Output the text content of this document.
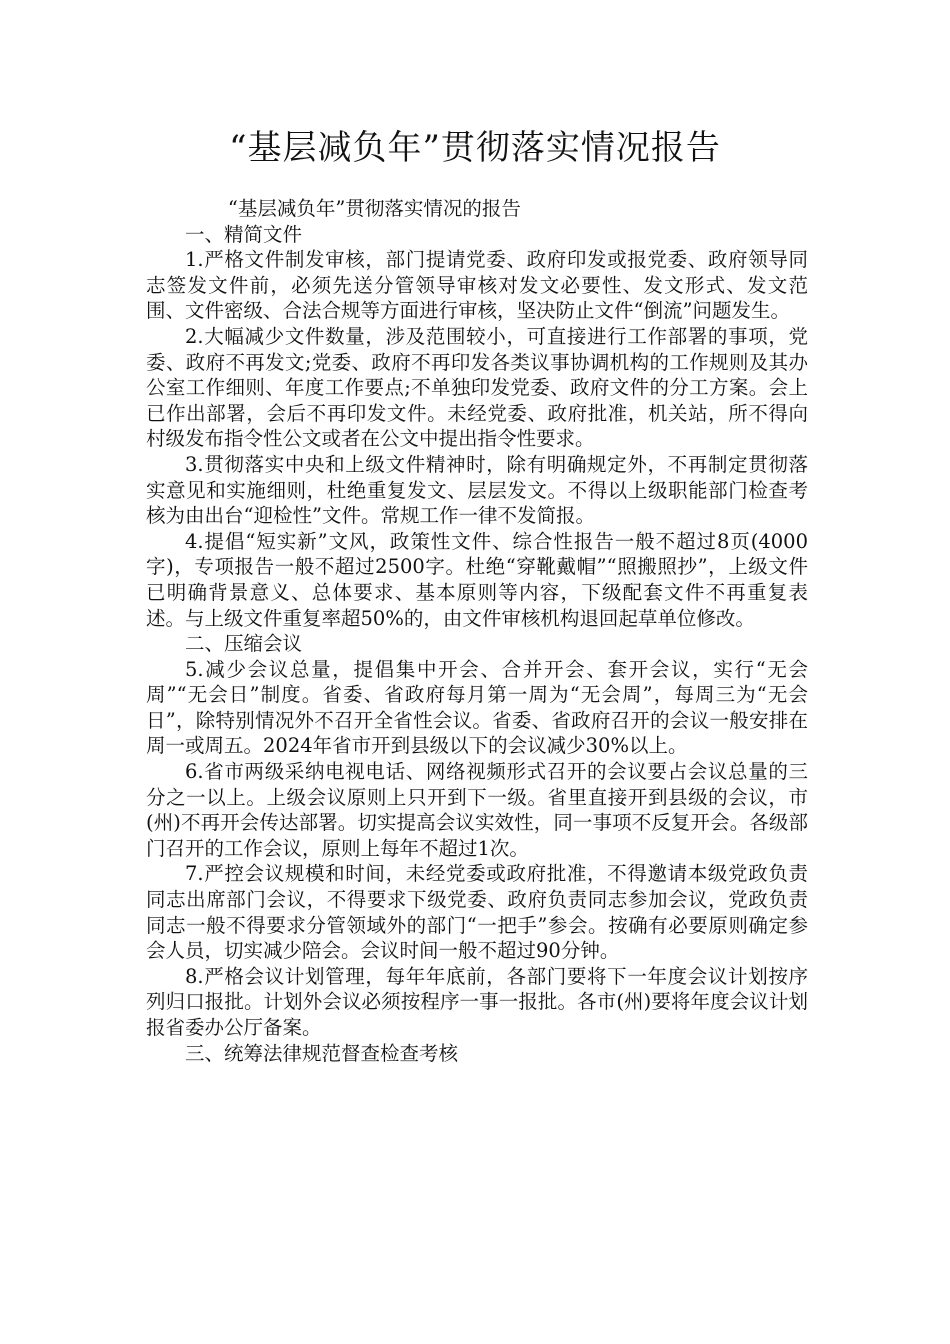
“基层减负年”贯彻落实情况报告

“基层减负年”贯彻落实情况的报告

一、精简文件

1.严格文件制发审核，部门提请党委、政府印发或报党委、政府领导同志签发文件前，必须先送分管领导审核对发文必要性、发文形式、发文范围、文件密级、合法合规等方面进行审核，坚决防止文件“倒流”问题发生。

2.大幅减少文件数量，涉及范围较小，可直接进行工作部署的事项，党委、政府不再发文;党委、政府不再印发各类议事协调机构的工作规则及其办公室工作细则、年度工作要点;不单独印发党委、政府文件的分工方案。会上已作出部署，会后不再印发文件。未经党委、政府批准，机关站，所不得向村级发布指令性公文或者在公文中提出指令性要求。

3.贯彻落实中央和上级文件精神时，除有明确规定外，不再制定贯彻落实意见和实施细则，杜绝重复发文、层层发文。不得以上级职能部门检查考核为由出台“迎检性”文件。常规工作一律不发简报。

4.提倡“短实新”文风，政策性文件、综合性报告一般不超过8页(4000字)，专项报告一般不超过2500字。杜绝“穿靴戴帽”“照搬照抄”，上级文件已明确背景意义、总体要求、基本原则等内容，下级配套文件不再重复表述。与上级文件重复率超50%的，由文件审核机构退回起草单位修改。

二、压缩会议

5.减少会议总量，提倡集中开会、合并开会、套开会议，实行“无会周”“无会日”制度。省委、省政府每月第一周为“无会周”，每周三为“无会日”，除特别情况外不召开全省性会议。省委、省政府召开的会议一般安排在周一或周五。2024年省市开到县级以下的会议减少30%以上。

6.省市两级采纳电视电话、网络视频形式召开的会议要占会议总量的三分之一以上。上级会议原则上只开到下一级。省里直接开到县级的会议，市(州)不再开会传达部署。切实提高会议实效性，同一事项不反复开会。各级部门召开的工作会议，原则上每年不超过1次。

7.严控会议规模和时间，未经党委或政府批准，不得邀请本级党政负责同志出席部门会议，不得要求下级党委、政府负责同志参加会议，党政负责同志一般不得要求分管领域外的部门“一把手”参会。按确有必要原则确定参会人员，切实减少陪会。会议时间一般不超过90分钟。

8.严格会议计划管理，每年年底前，各部门要将下一年度会议计划按序列归口报批。计划外会议必须按程序一事一报批。各市(州)要将年度会议计划报省委办公厅备案。

三、统筹法律规范督查检查考核
